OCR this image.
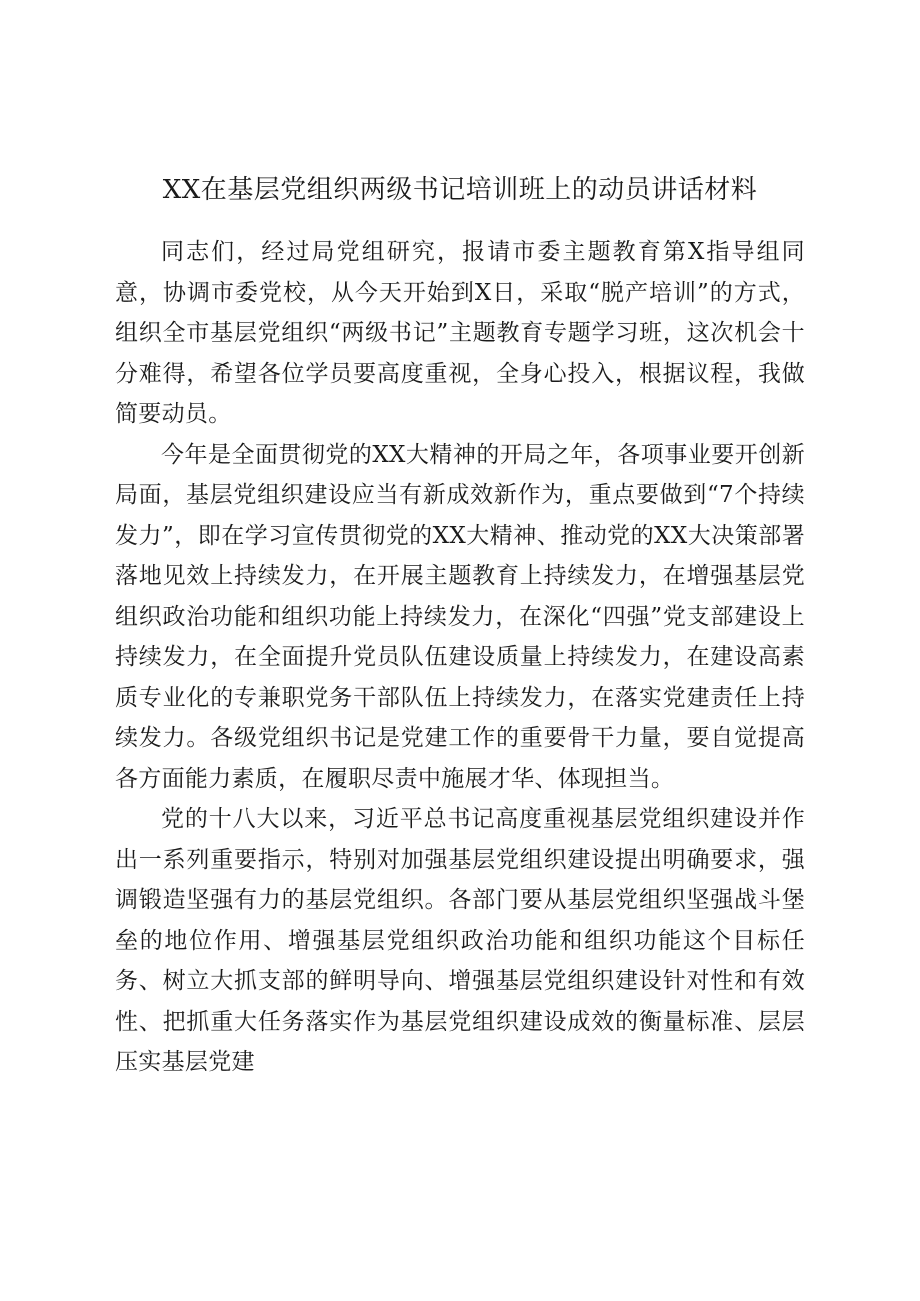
XX在基层党组织两级书记培训班上的动员讲话材料

同志们，经过局党组研究，报请市委主题教育第X指导组同意，协调市委党校，从今天开始到X日，采取“脱产培训”的方式，组织全市基层党组织“两级书记”主题教育专题学习班，这次机会十分难得，希望各位学员要高度重视，全身心投入，根据议程，我做简要动员。

今年是全面贯彻党的XX大精神的开局之年，各项事业要开创新局面，基层党组织建设应当有新成效新作为，重点要做到“7个持续发力”，即在学习宣传贯彻党的XX大精神、推动党的XX大决策部署落地见效上持续发力，在开展主题教育上持续发力，在增强基层党组织政治功能和组织功能上持续发力，在深化“四强”党支部建设上持续发力，在全面提升党员队伍建设质量上持续发力，在建设高素质专业化的专兼职党务干部队伍上持续发力，在落实党建责任上持续发力。各级党组织书记是党建工作的重要骨干力量，要自觉提高各方面能力素质，在履职尽责中施展才华、体现担当。

党的十八大以来，习近平总书记高度重视基层党组织建设并作出一系列重要指示，特别对加强基层党组织建设提出明确要求，强调锻造坚强有力的基层党组织。各部门要从基层党组织坚强战斗堡垒的地位作用、增强基层党组织政治功能和组织功能这个目标任务、树立大抓支部的鲜明导向、增强基层党组织建设针对性和有效性、把抓重大任务落实作为基层党组织建设成效的衡量标准、层层压实基层党建
